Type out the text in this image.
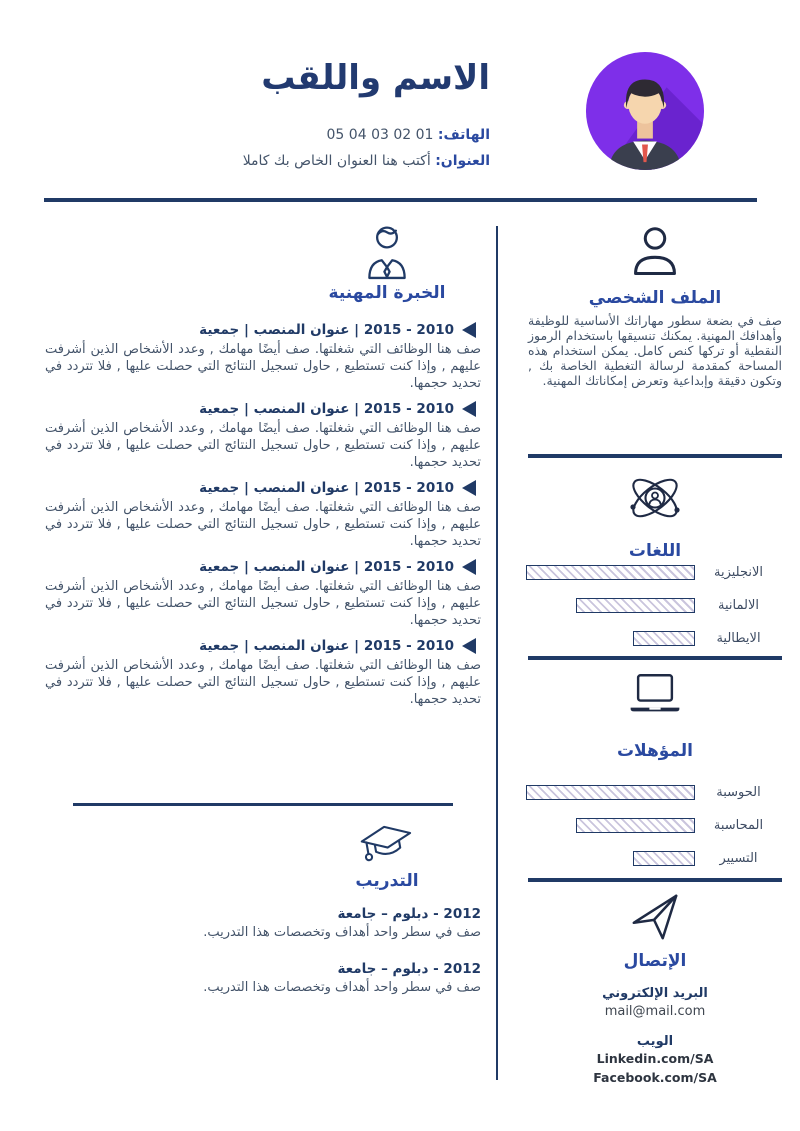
الاسم واللقب
الهاتف: 01 02 03 04 05
العنوان: أكتب هنا العنوان الخاص بك كاملا
الخبرة المهنية
2010 - 2015 | عنوان المنصب | جمعية
صف هنا الوظائف التي شغلتها. صف أيضًا مهامك , وعدد الأشخاص الذين أشرفت عليهم , وإذا كنت تستطيع , حاول تسجيل النتائج التي حصلت عليها , فلا تتردد في تحديد حجمها.
2010 - 2015 | عنوان المنصب | جمعية
صف هنا الوظائف التي شغلتها. صف أيضًا مهامك , وعدد الأشخاص الذين أشرفت عليهم , وإذا كنت تستطيع , حاول تسجيل النتائج التي حصلت عليها , فلا تتردد في تحديد حجمها.
2010 - 2015 | عنوان المنصب | جمعية
صف هنا الوظائف التي شغلتها. صف أيضًا مهامك , وعدد الأشخاص الذين أشرفت عليهم , وإذا كنت تستطيع , حاول تسجيل النتائج التي حصلت عليها , فلا تتردد في تحديد حجمها.
2010 - 2015 | عنوان المنصب | جمعية
صف هنا الوظائف التي شغلتها. صف أيضًا مهامك , وعدد الأشخاص الذين أشرفت عليهم , وإذا كنت تستطيع , حاول تسجيل النتائج التي حصلت عليها , فلا تتردد في تحديد حجمها.
2010 - 2015 | عنوان المنصب | جمعية
صف هنا الوظائف التي شغلتها. صف أيضًا مهامك , وعدد الأشخاص الذين أشرفت عليهم , وإذا كنت تستطيع , حاول تسجيل النتائج التي حصلت عليها , فلا تتردد في تحديد حجمها.
التدريب
2012 - دبلوم – جامعة
صف في سطر واحد أهداف وتخصصات هذا التدريب.
2012 - دبلوم – جامعة
صف في سطر واحد أهداف وتخصصات هذا التدريب.
الملف الشخصي
صف في بضعة سطور مهاراتك الأساسية للوظيفة وأهدافك المهنية. يمكنك تنسيقها باستخدام الرموز النقطية أو تركها كنص كامل. يمكن استخدام هذه المساحة كمقدمة لرسالة التغطية الخاصة بك , وتكون دقيقة وإبداعية وتعرض إمكاناتك المهنية.
اللغات
الانجليزية
الالمانية
الايطالية
المؤهلات
الحوسبة
المحاسبة
التسيير
الإتصال
البريد الإلكتروني
mail@mail.com
الويب
Linkedin.com/SA
Facebook.com/SA
